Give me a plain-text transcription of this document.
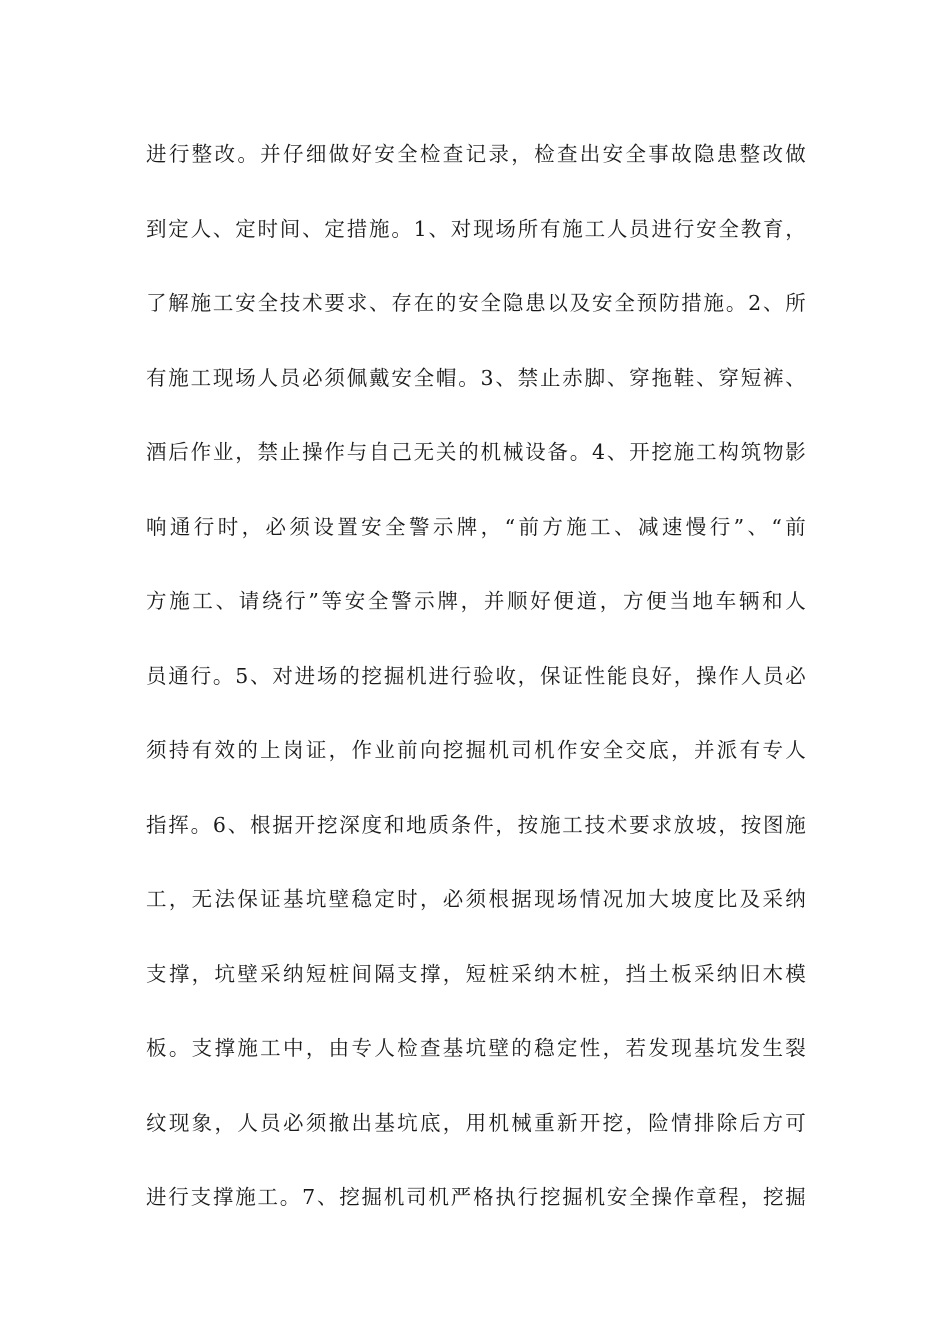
进行整改。并仔细做好安全检查记录，检查出安全事故隐患整改做
到定人、定时间、定措施。1、对现场所有施工人员进行安全教育，
了解施工安全技术要求、存在的安全隐患以及安全预防措施。2、所
有施工现场人员必须佩戴安全帽。3、禁止赤脚、穿拖鞋、穿短裤、
酒后作业，禁止操作与自己无关的机械设备。4、开挖施工构筑物影
响通行时，必须设置安全警示牌，“前方施工、减速慢行”、“前
方施工、请绕行”等安全警示牌，并顺好便道，方便当地车辆和人
员通行。5、对进场的挖掘机进行验收，保证性能良好，操作人员必
须持有效的上岗证，作业前向挖掘机司机作安全交底，并派有专人
指挥。6、根据开挖深度和地质条件，按施工技术要求放坡，按图施
工，无法保证基坑壁稳定时，必须根据现场情况加大坡度比及采纳
支撑，坑壁采纳短桩间隔支撑，短桩采纳木桩，挡土板采纳旧木模
板。支撑施工中，由专人检查基坑壁的稳定性，若发现基坑发生裂
纹现象，人员必须撤出基坑底，用机械重新开挖，险情排除后方可
进行支撑施工。7、挖掘机司机严格执行挖掘机安全操作章程，挖掘
